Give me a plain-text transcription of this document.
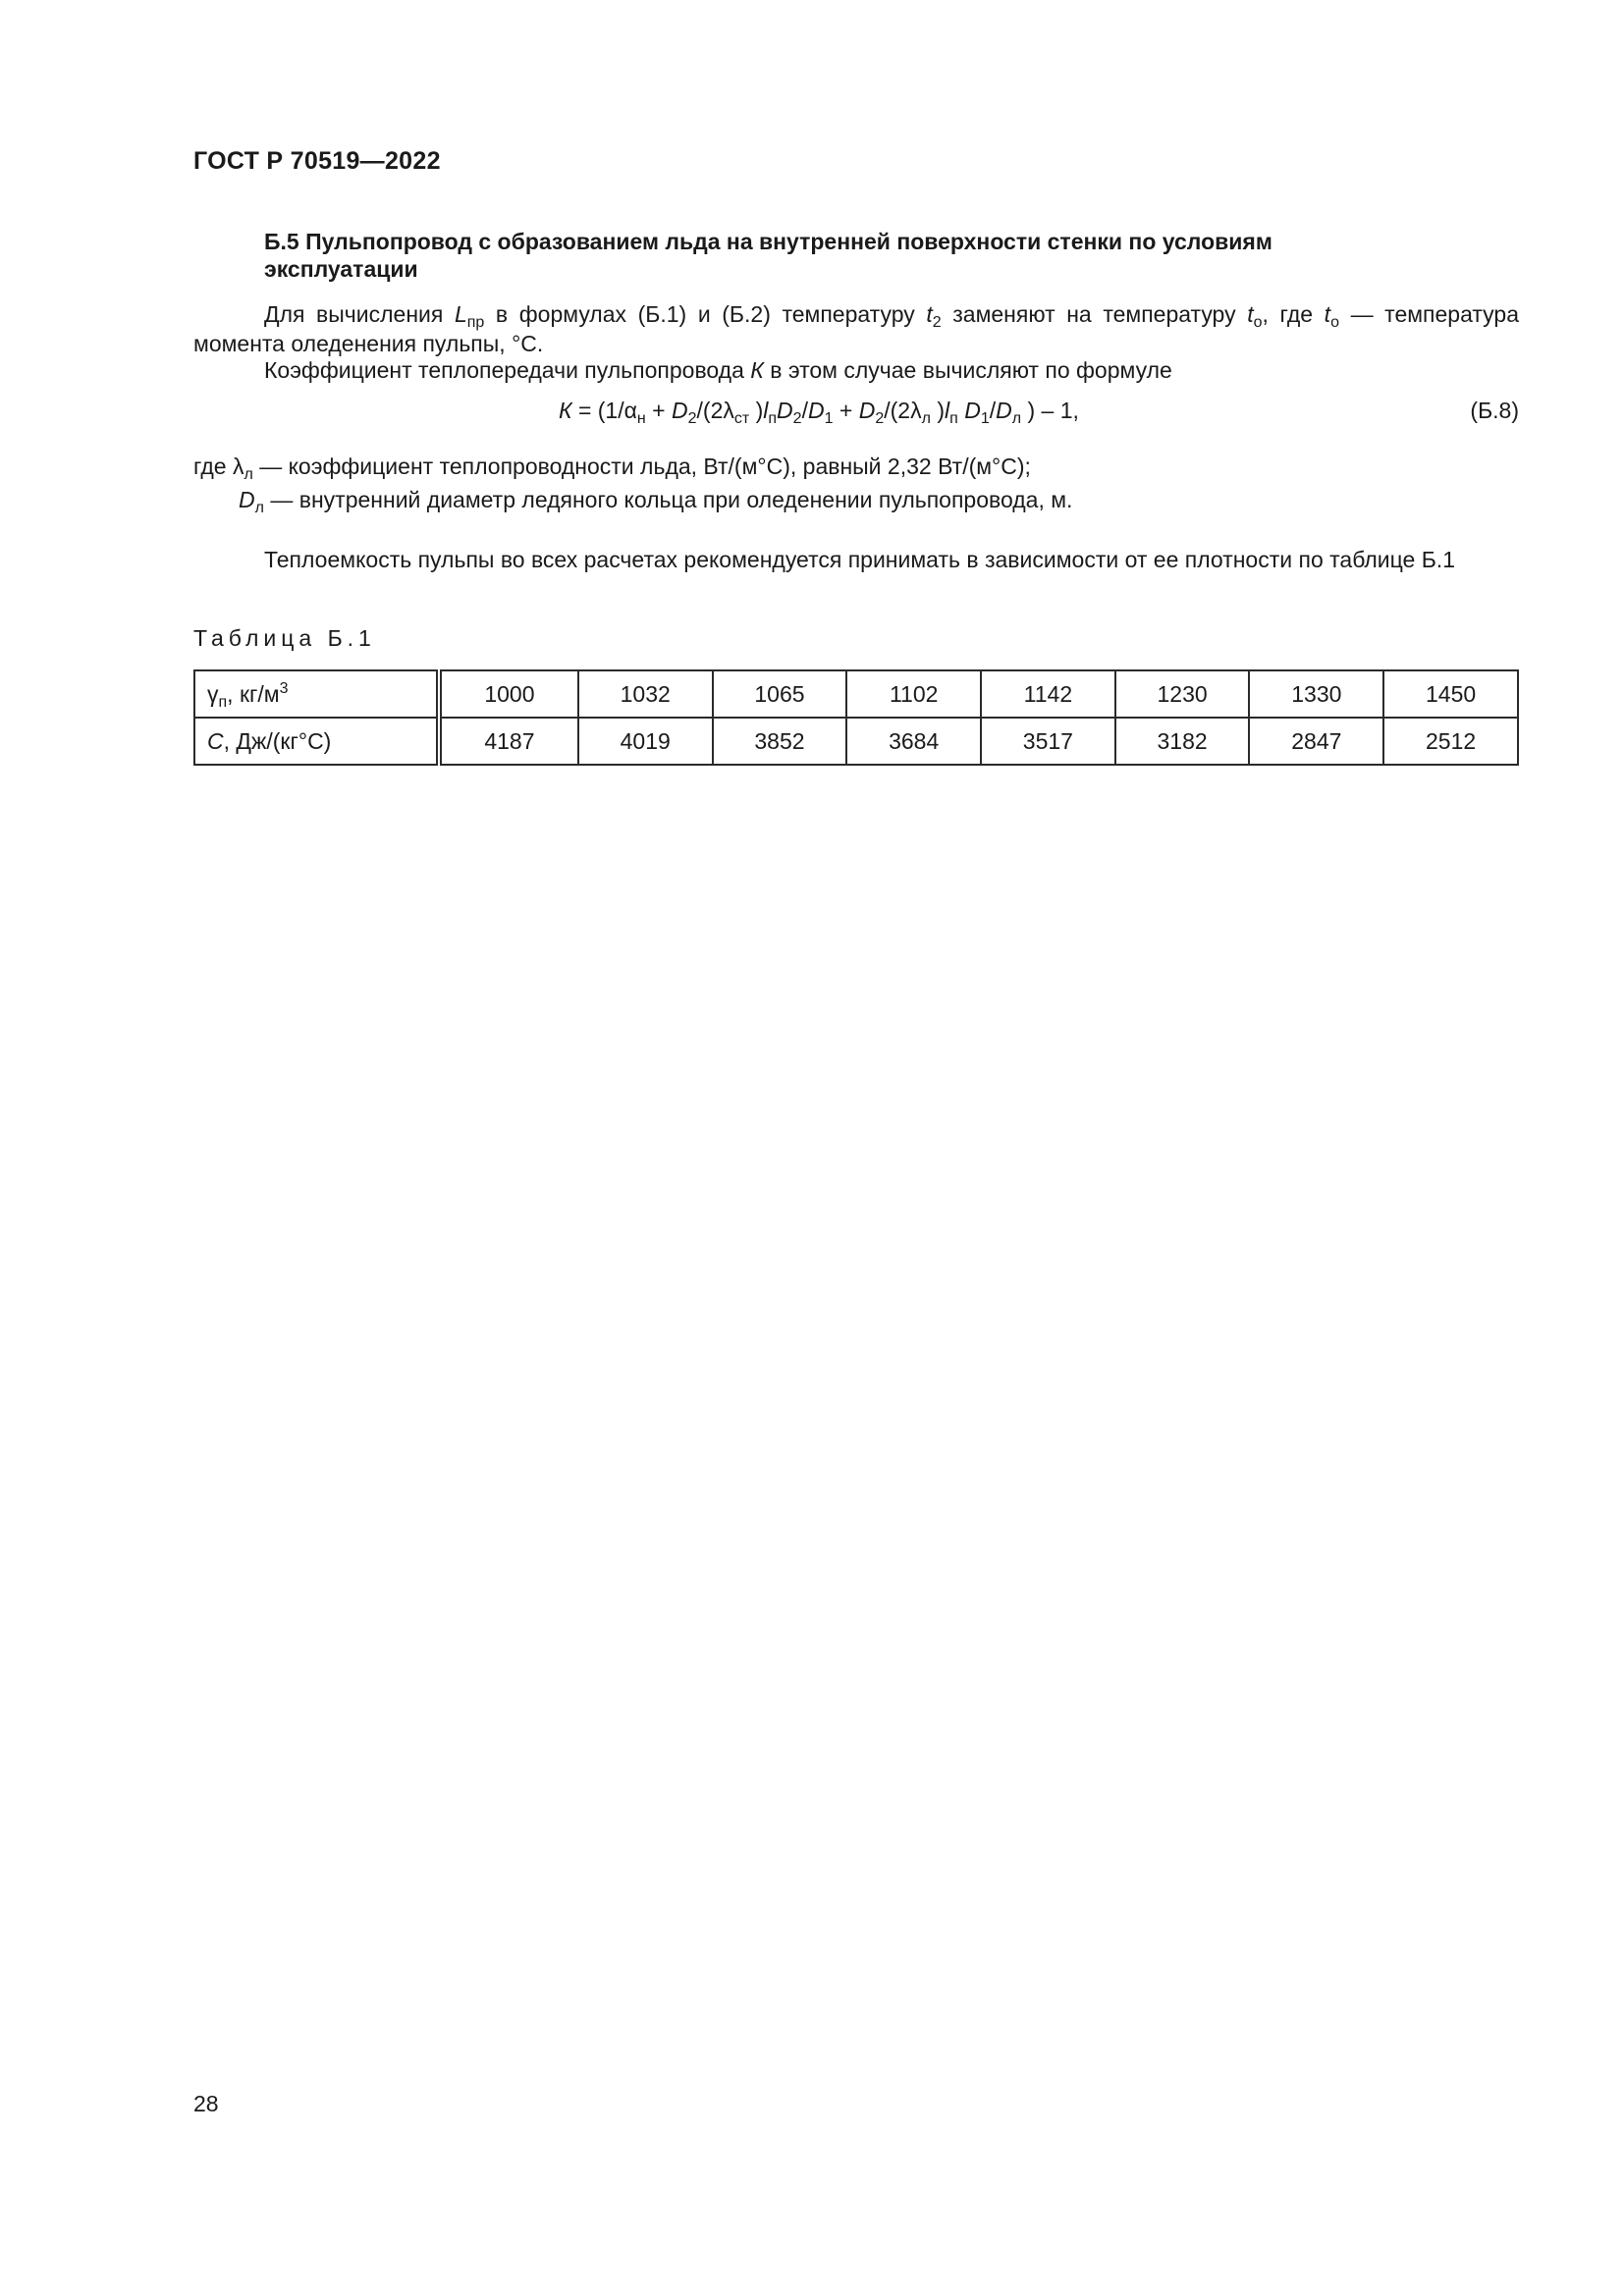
ГОСТ Р 70519—2022
Б.5 Пульпопровод с образованием льда на внутренней поверхности стенки по условиям эксплуатации
Для вычисления $L_{пр}$ в формулах (Б.1) и (Б.2) температуру $t_2$ заменяют на температуру $t_о$, где $t_о$ — температура момента оледенения пульпы, °С.
Коэффициент теплопередачи пульпопровода К в этом случае вычисляют по формуле
$К = (1/\alpha_н + D_2/(2\lambda_{ст}$ )$l_пD_2/D_1 + D_2/(2\lambda_л$ )$l_п$ $D_1/D_л$ ) – 1,	(Б.8)
где $\lambda_л$ — коэффициент теплопроводности льда, Вт/(м°С), равный 2,32 Вт/(м°С);
$D_л$ — внутренний диаметр ледяного кольца при оледенении пульпопровода, м.
Теплоемкость пульпы во всех расчетах рекомендуется принимать в зависимости от ее плотности по таблице Б.1
Таблица Б.1
$\gamma_п$, $кг/м^3$	1000	1032	1065	1102	1142	1230	1330	1450
С, Дж/(кг°С)	4187	4019	3852	3684	3517	3182	2847	2512
28
